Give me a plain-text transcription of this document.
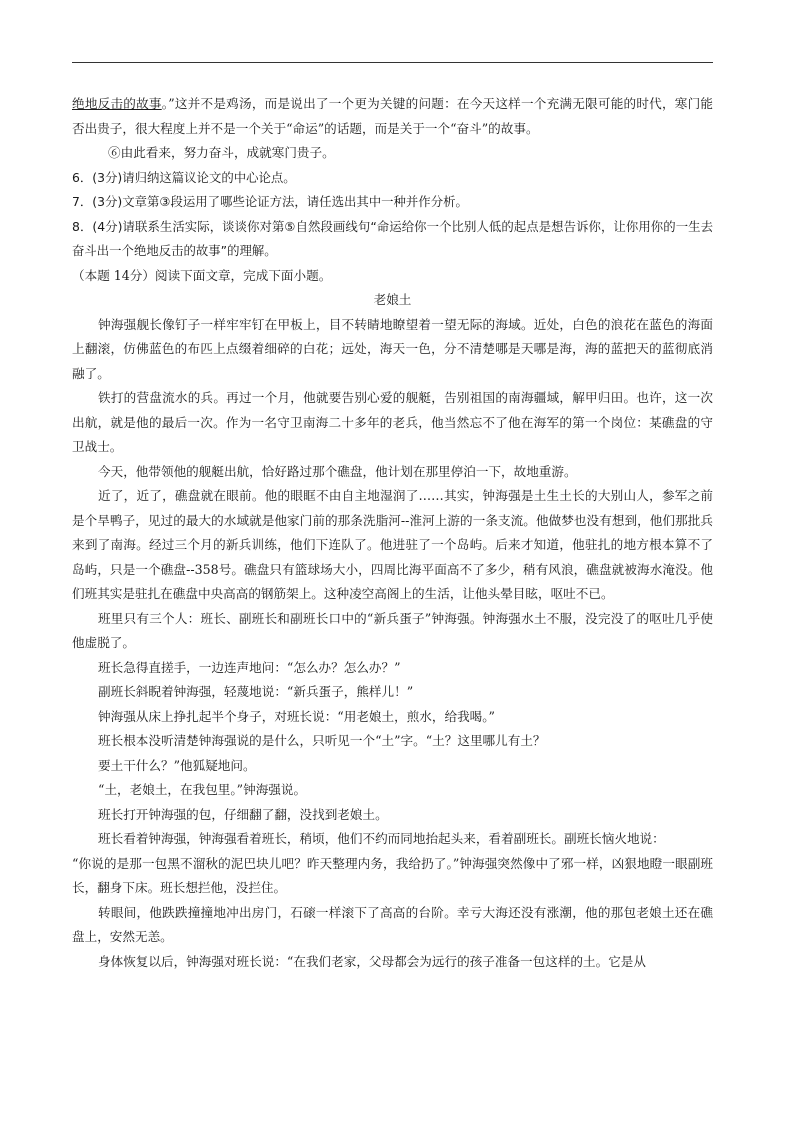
绝地反击的故事。”这并不是鸡汤，而是说出了一个更为关键的问题：在今天这样一个充满无限可能的时代，寒门能否出贵子，很大程度上并不是一个关于“命运”的话题，而是关于一个“奋斗”的故事。

⑥由此看来，努力奋斗，成就寒门贵子。

6．(3分)请归纳这篇议论文的中心论点。

7．(3分)文章第③段运用了哪些论证方法，请任选出其中一种并作分析。

8．(4分)请联系生活实际，谈谈你对第⑤自然段画线句“命运给你一个比别人低的起点是想告诉你，让你用你的一生去奋斗出一个绝地反击的故事”的理解。

（本题 14分）阅读下面文章，完成下面小题。

老娘土

钟海强舰长像钉子一样牢牢钉在甲板上，目不转睛地瞭望着一望无际的海域。近处，白色的浪花在蓝色的海面上翻滚，仿佛蓝色的布匹上点缀着细碎的白花；远处，海天一色，分不清楚哪是天哪是海，海的蓝把天的蓝彻底消融了。

铁打的营盘流水的兵。再过一个月，他就要告别心爱的舰艇，告别祖国的南海疆域，解甲归田。也许，这一次出航，就是他的最后一次。作为一名守卫南海二十多年的老兵，他当然忘不了他在海军的第一个岗位：某礁盘的守卫战士。

今天，他带领他的舰艇出航，恰好路过那个礁盘，他计划在那里停泊一下，故地重游。

近了，近了，礁盘就在眼前。他的眼眶不由自主地湿润了……其实，钟海强是土生土长的大别山人，参军之前是个旱鸭子，见过的最大的水域就是他家门前的那条洗脂河--淮河上游的一条支流。他做梦也没有想到，他们那批兵来到了南海。经过三个月的新兵训练，他们下连队了。他进驻了一个岛屿。后来才知道，他驻扎的地方根本算不了岛屿，只是一个礁盘--358号。礁盘只有篮球场大小，四周比海平面高不了多少，稍有风浪，礁盘就被海水淹没。他们班其实是驻扎在礁盘中央高高的钢筋架上。这种凌空高阁上的生活，让他头晕目眩，呕吐不已。

班里只有三个人：班长、副班长和副班长口中的“新兵蛋子”钟海强。钟海强水土不服，没完没了的呕吐几乎使他虚脱了。

班长急得直搓手，一边连声地问：“怎么办？怎么办？”

副班长斜睨着钟海强，轻蔑地说：“新兵蛋子，熊样儿！”

钟海强从床上挣扎起半个身子，对班长说：“用老娘土，煎水，给我喝。”

班长根本没听清楚钟海强说的是什么，只听见一个“土”字。“土？这里哪儿有土？

要土干什么？”他狐疑地问。

“土，老娘土，在我包里。”钟海强说。

班长打开钟海强的包，仔细翻了翻，没找到老娘土。

班长看着钟海强，钟海强看着班长，稍顷，他们不约而同地抬起头来，看着副班长。副班长恼火地说：

“你说的是那一包黑不溜秋的泥巴块儿吧？昨天整理内务，我给扔了。”钟海强突然像中了邪一样，凶狠地瞪一眼副班长，翻身下床。班长想拦他，没拦住。

转眼间，他跌跌撞撞地冲出房门，石磙一样滚下了高高的台阶。幸亏大海还没有涨潮，他的那包老娘土还在礁盘上，安然无恙。

身体恢复以后，钟海强对班长说：“在我们老家，父母都会为远行的孩子准备一包这样的土。它是从
